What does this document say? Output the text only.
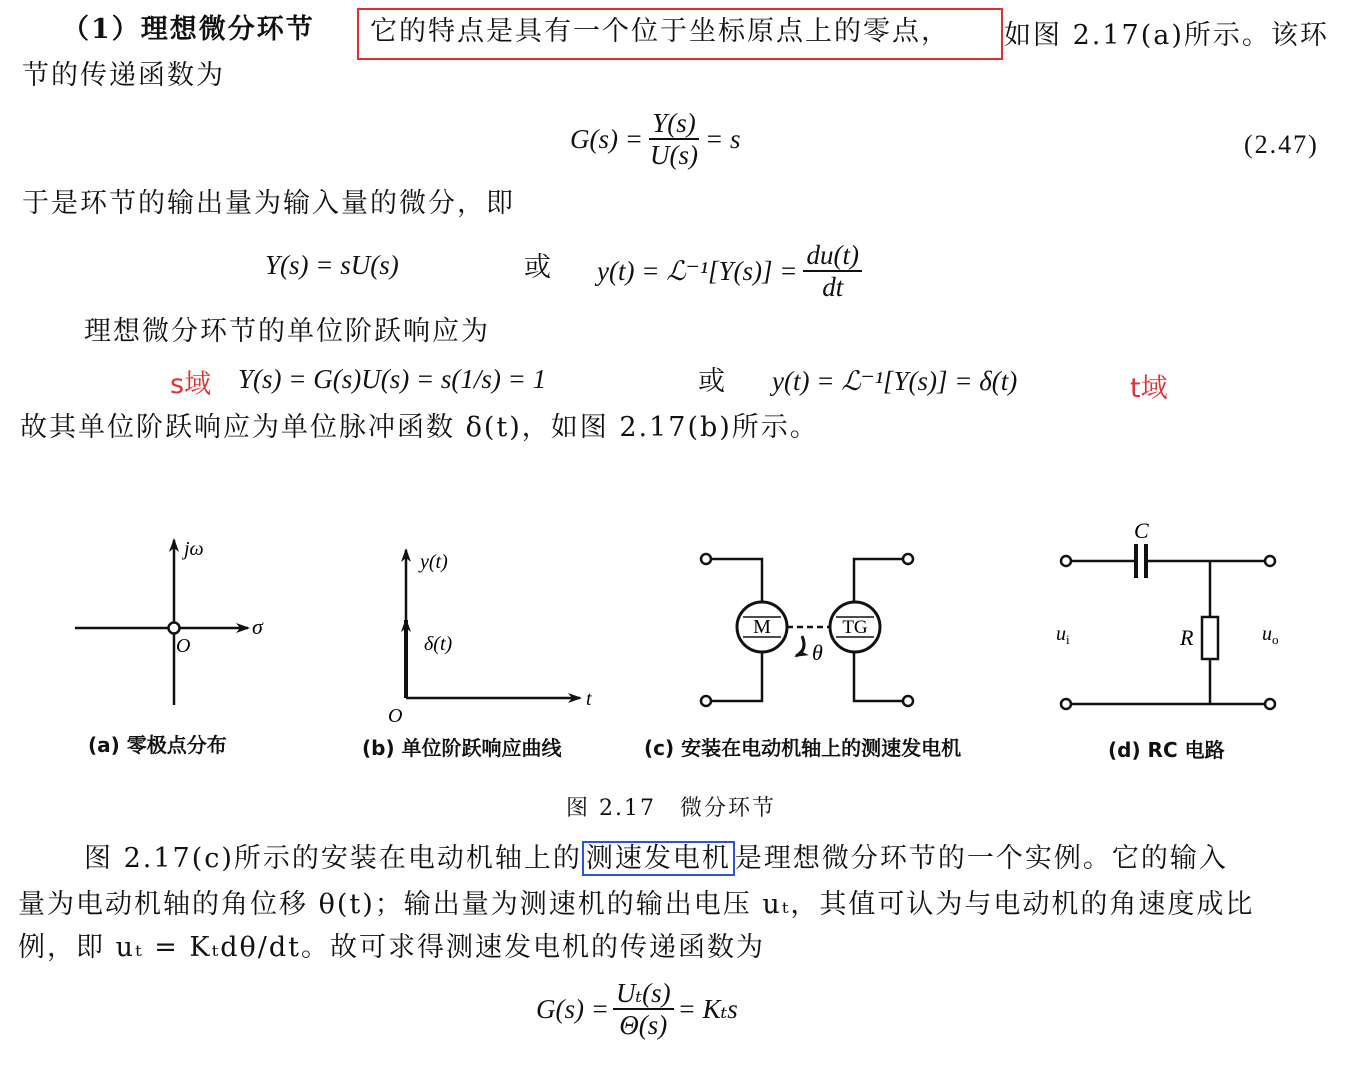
（1）理想微分环节 它的特点是具有一个位于坐标原点上的零点， 如图 2.17(a)所示。该环
节的传递函数为
$G(s) = \frac{Y(s)}{U(s)} = s$	(2.47)
于是环节的输出量为输入量的微分，即
Y(s) = sU(s)	或 y(t) = ℒ⁻¹[Y(s)] = $\frac{du(t)}{dt}$
理想微分环节的单位阶跃响应为
s域 Y(s) = G(s)U(s) = s(1/s) = 1	或 y(t) = ℒ⁻¹[Y(s)] = δ(t)	t域
故其单位阶跃响应为单位脉冲函数 δ(t)，如图 2.17(b)所示。
jω
σ
O
y(t)
δ(t)
t
O
M	TG
θ
C
R
$u_i$	$u_o$
(a) 零极点分布	(b) 单位阶跃响应曲线	(c) 安装在电动机轴上的测速发电机	(d) RC 电路
图 2.17　微分环节
图 2.17(c)所示的安装在电动机轴上的 测速发电机 是理想微分环节的一个实例。它的输入
量为电动机轴的角位移 θ(t)；输出量为测速机的输出电压 uₜ，其值可认为与电动机的角速度成比
例，即 uₜ = Kₜdθ/dt。故可求得测速发电机的传递函数为
$G(s) = \frac{\text{Uₜ(s)}}{\Theta(s)} = K_ts$
